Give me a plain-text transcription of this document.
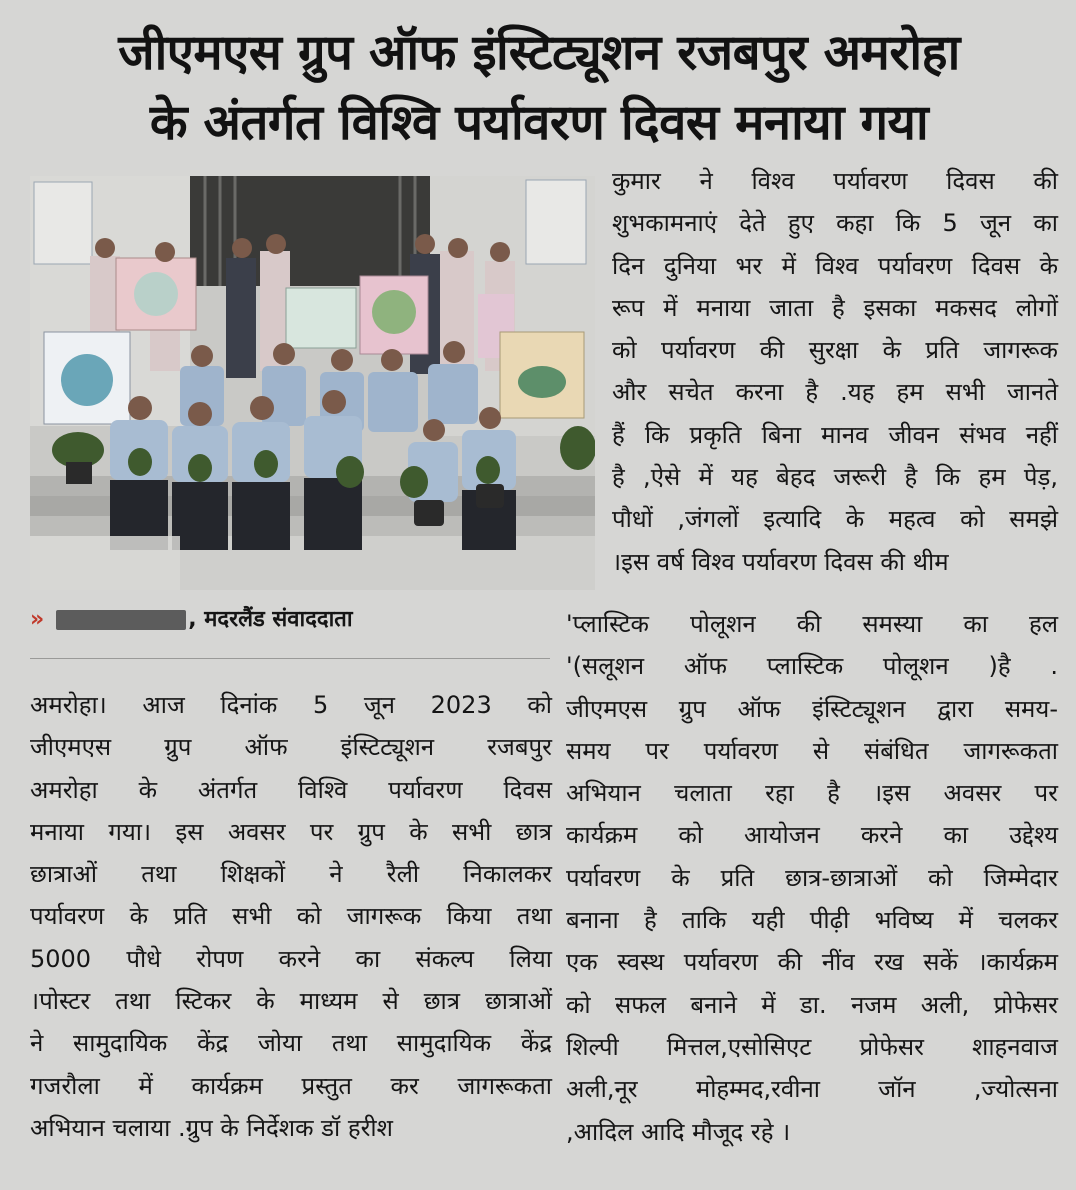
जीएमएस ग्रुप ऑफ इंस्टिट्यूशन रजबपुर अमरोहा
के अंतर्गत विश्वि पर्यावरण दिवस मनाया गया
»	, मदरलैंड संवाददाता
अमरोहा। आज दिनांक 5 जून 2023 को
जीएमएस ग्रुप ऑफ इंस्टिट्यूशन रजबपुर
अमरोहा के अंतर्गत विश्वि पर्यावरण दिवस
मनाया गया। इस अवसर पर ग्रुप के सभी छात्र
छात्राओं तथा शिक्षकों ने रैली निकालकर
पर्यावरण के प्रति सभी को जागरूक किया तथा
5000 पौधे रोपण करने का संकल्प लिया
।पोस्टर तथा स्टिकर के माध्यम से छात्र छात्राओं
ने सामुदायिक केंद्र जोया तथा सामुदायिक केंद्र
गजरौला में कार्यक्रम प्रस्तुत कर जागरूकता
अभियान चलाया .ग्रुप के निर्देशक डॉ हरीश
कुमार ने विश्व पर्यावरण दिवस की
शुभकामनाएं देते हुए कहा कि 5 जून का
दिन दुनिया भर में विश्व पर्यावरण दिवस के
रूप में मनाया जाता है इसका मकसद लोगों
को पर्यावरण की सुरक्षा के प्रति जागरूक
और सचेत करना है .यह हम सभी जानते
हैं कि प्रकृति बिना मानव जीवन संभव नहीं
है ,ऐसे में यह बेहद जरूरी है कि हम पेड़,
पौधों ,जंगलों इत्यादि के महत्व को समझे
।इस वर्ष विश्व पर्यावरण दिवस की थीम
'प्लास्टिक पोलूशन की समस्या का हल
'(सलूशन ऑफ प्लास्टिक पोलूशन )है .
जीएमएस ग्रुप ऑफ इंस्टिट्यूशन द्वारा समय-
समय पर पर्यावरण से संबंधित जागरूकता
अभियान चलाता रहा है ।इस अवसर पर
कार्यक्रम को आयोजन करने का उद्देश्य
पर्यावरण के प्रति छात्र-छात्राओं को जिम्मेदार
बनाना है ताकि यही पीढ़ी भविष्य में चलकर
एक स्वस्थ पर्यावरण की नींव रख सकें ।कार्यक्रम
को सफल बनाने में डा. नजम अली, प्रोफेसर
शिल्पी मित्तल,एसोसिएट प्रोफेसर शाहनवाज
अली,नूर मोहम्मद,रवीना जॉन ,ज्योत्सना
,आदिल आदि मौजूद रहे ।
